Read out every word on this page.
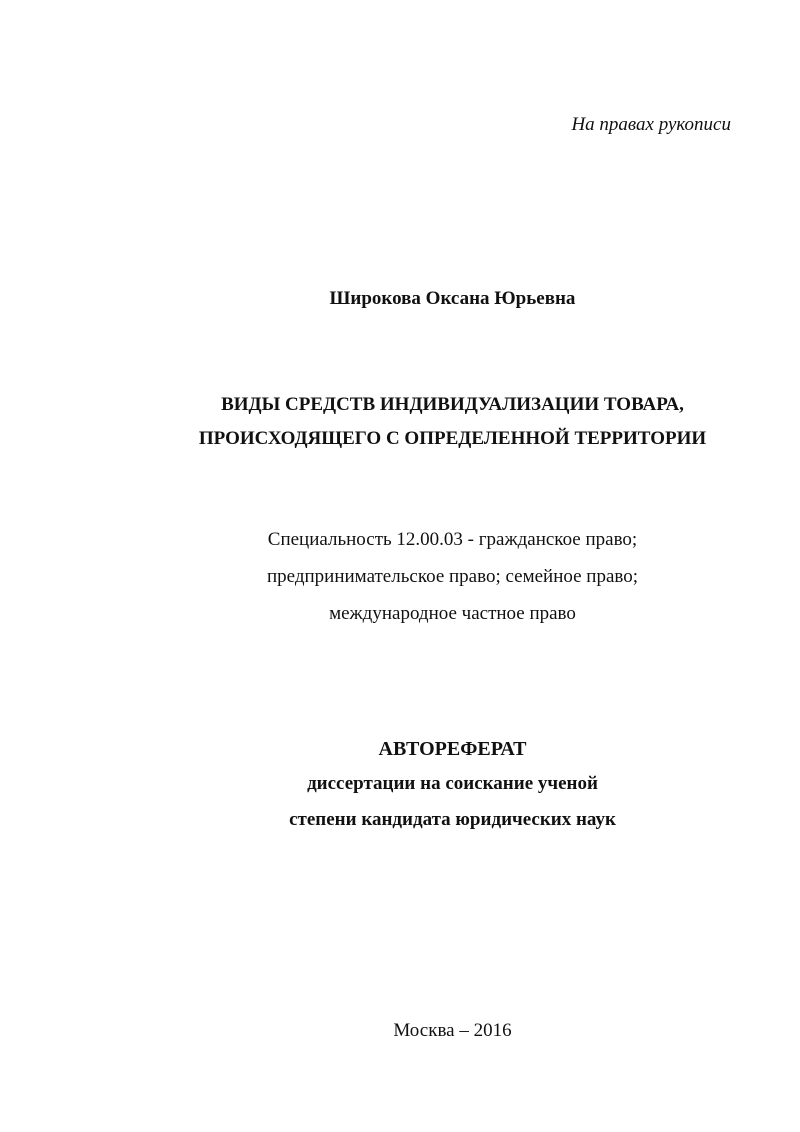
На правах рукописи
Широкова Оксана Юрьевна
ВИДЫ СРЕДСТВ ИНДИВИДУАЛИЗАЦИИ ТОВАРА,
ПРОИСХОДЯЩЕГО С ОПРЕДЕЛЕННОЙ ТЕРРИТОРИИ
Специальность 12.00.03 - гражданское право;
предпринимательское право; семейное право;
международное частное право
АВТОРЕФЕРАТ
диссертации на соискание ученой
степени кандидата юридических наук
Москва – 2016
